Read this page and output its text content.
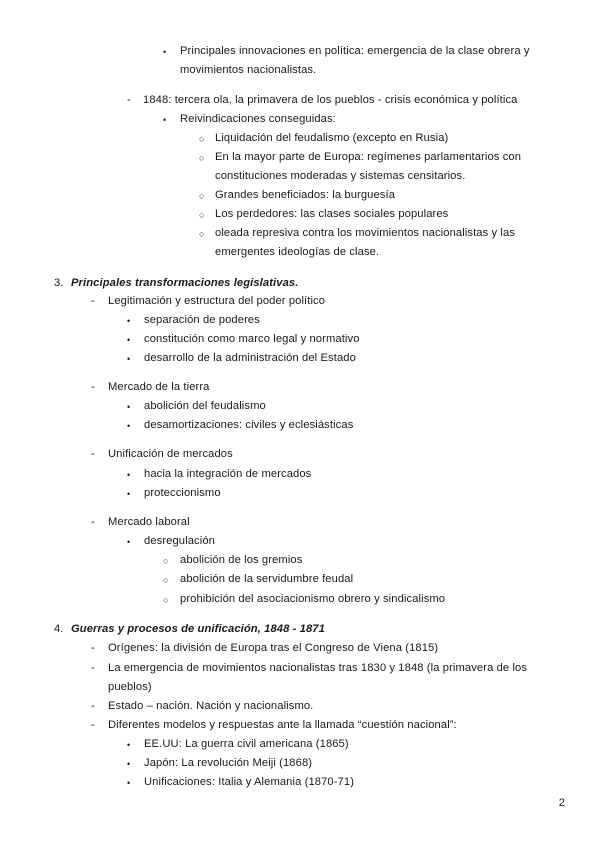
• Principales innovaciones en política: emergencia de la clase obrera y
movimientos nacionalistas.
- 1848: tercera ola, la primavera de los pueblos - crisis económica y política
• Reivindicaciones conseguidas:
○ Liquidación del feudalismo (excepto en Rusia)
○ En la mayor parte de Europa: regímenes parlamentarios con
constituciones moderadas y sistemas censitarios.
○ Grandes beneficiados: la burguesía
○ Los perdedores: las clases sociales populares
○ oleada represiva contra los movimientos nacionalistas y las
emergentes ideologías de clase.
3. Principales transformaciones legislativas.
- Legitimación y estructura del poder político
• separación de poderes
• constitución como marco legal y normativo
• desarrollo de la administración del Estado
- Mercado de la tierra
• abolición del feudalismo
• desamortizaciones: civiles y eclesiásticas
- Unificación de mercados
• hacia la integración de mercados
• proteccionismo
- Mercado laboral
• desregulación
○ abolición de los gremios
○ abolición de la servidumbre feudal
○ prohibición del asociacionismo obrero y sindicalismo
4. Guerras y procesos de unificación, 1848 - 1871
- Orígenes: la división de Europa tras el Congreso de Viena (1815)
- La emergencia de movimientos nacionalistas tras 1830 y 1848 (la primavera de los
pueblos)
- Estado – nación. Nación y nacionalismo.
- Diferentes modelos y respuestas ante la llamada “cuestión nacional”:
• EE.UU: La guerra civil americana (1865)
• Japón: La revolución Meiji (1868)
• Unificaciones: Italia y Alemania (1870-71)
2
